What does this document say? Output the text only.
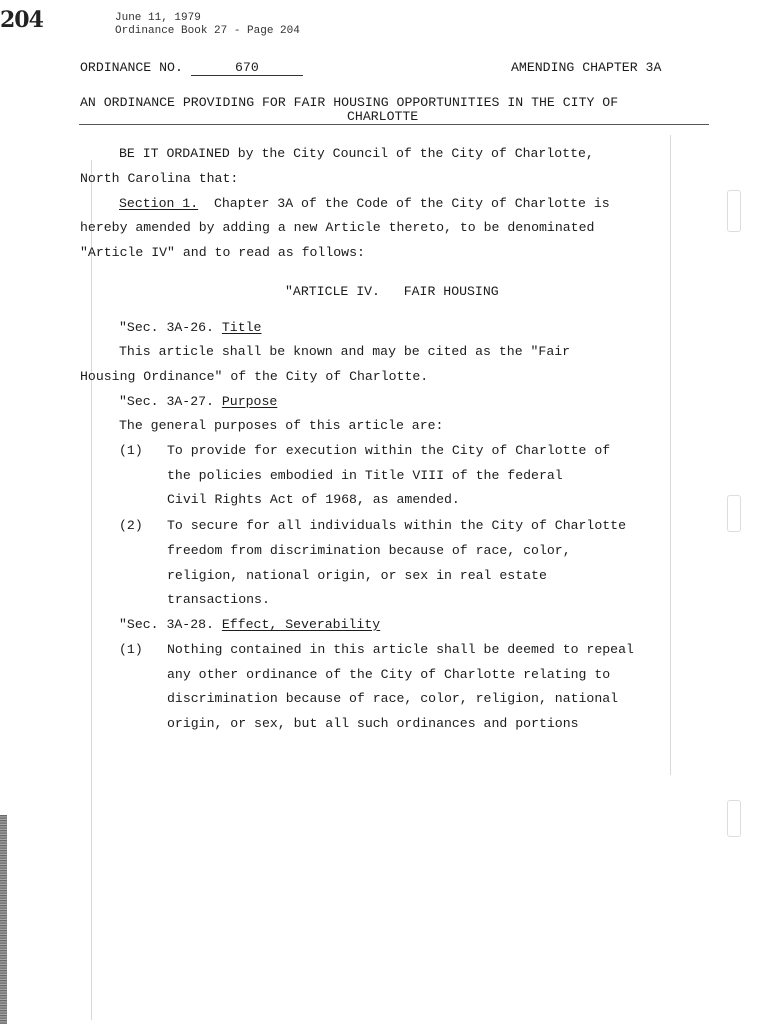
204	June 11, 1979
Ordinance Book 27 - Page 204
ORDINANCE NO.	670	AMENDING CHAPTER 3A
AN ORDINANCE PROVIDING FOR FAIR HOUSING OPPORTUNITIES IN THE CITY OF
CHARLOTTE
BE IT ORDAINED by the City Council of the City of Charlotte,
North Carolina that:
Section 1. Chapter 3A of the Code of the City of Charlotte is
hereby amended by adding a new Article thereto, to be denominated
"Article IV" and to read as follows:
"ARTICLE IV.   FAIR HOUSING
"Sec. 3A-26. Title
This article shall be known and may be cited as the "Fair
Housing Ordinance" of the City of Charlotte.
"Sec. 3A-27. Purpose
The general purposes of this article are:
(1) To provide for execution within the City of Charlotte of
the policies embodied in Title VIII of the federal
Civil Rights Act of 1968, as amended.
(2) To secure for all individuals within the City of Charlotte
freedom from discrimination because of race, color,
religion, national origin, or sex in real estate
transactions.
"Sec. 3A-28. Effect, Severability
(1) Nothing contained in this article shall be deemed to repeal
any other ordinance of the City of Charlotte relating to
discrimination because of race, color, religion, national
origin, or sex, but all such ordinances and portions
